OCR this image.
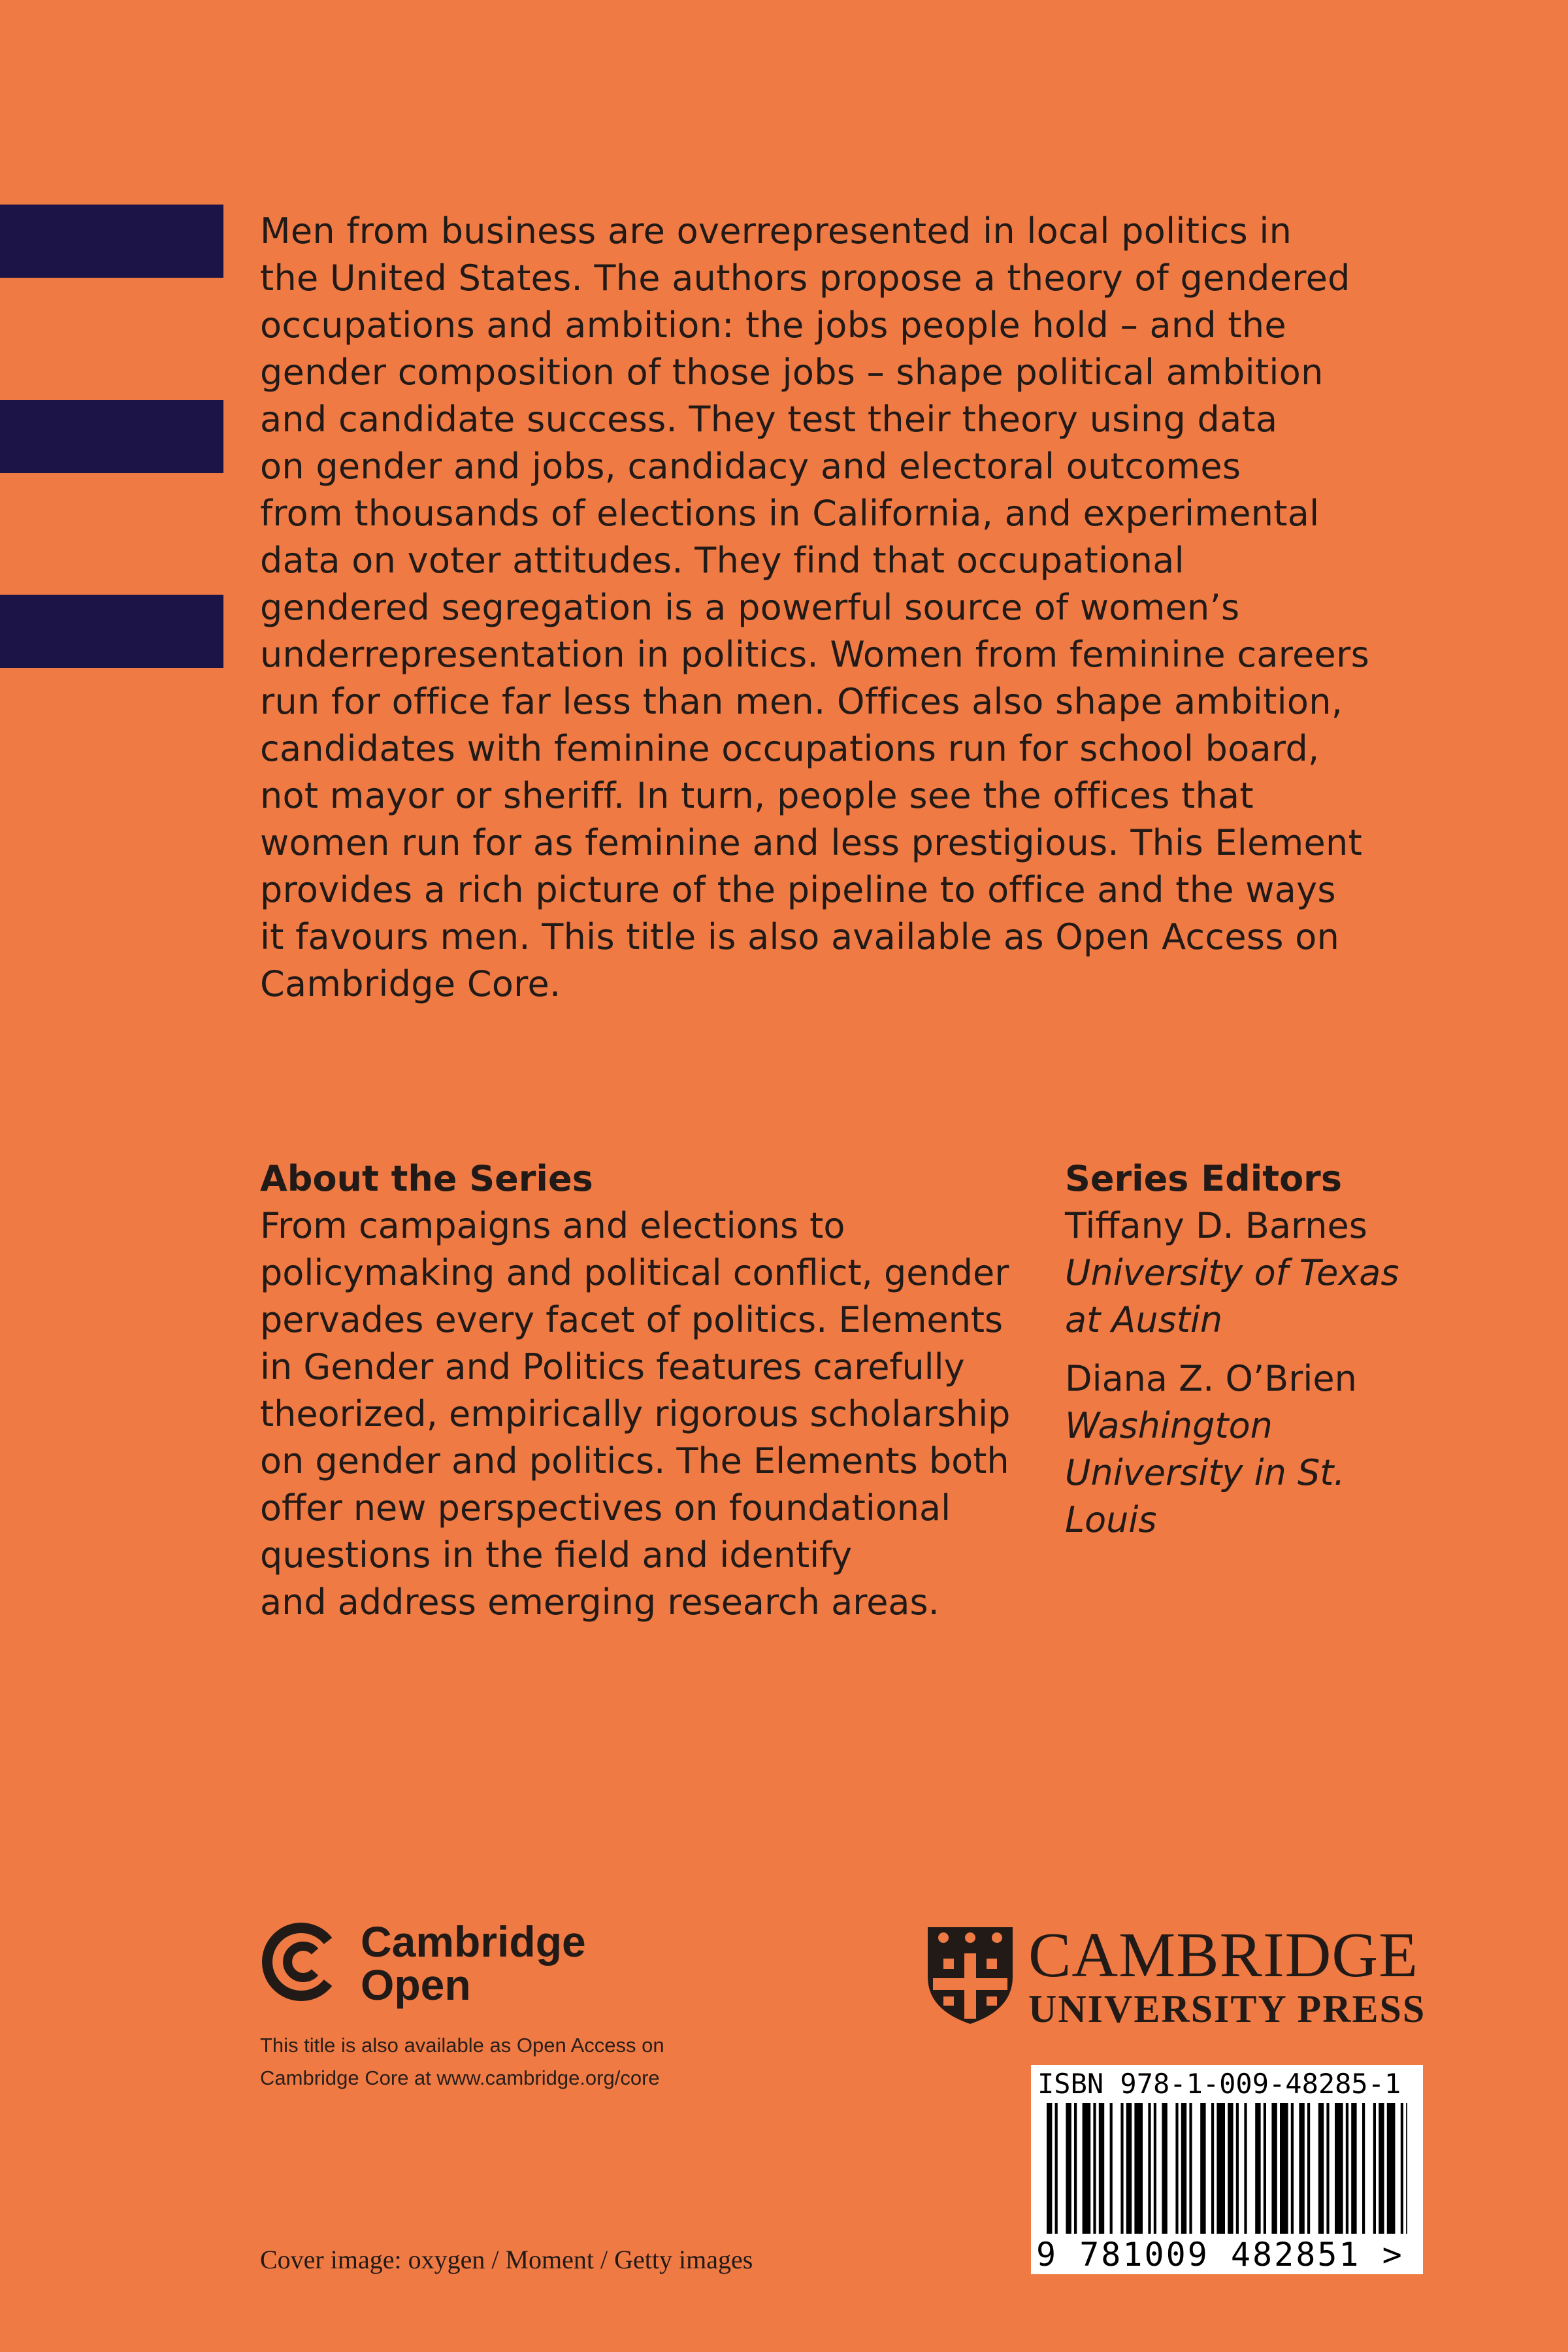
Men from business are overrepresented in local politics in
the United States. The authors propose a theory of gendered
occupations and ambition: the jobs people hold – and the
gender composition of those jobs – shape political ambition
and candidate success. They test their theory using data
on gender and jobs, candidacy and electoral outcomes
from thousands of elections in California, and experimental
data on voter attitudes. They find that occupational
gendered segregation is a powerful source of women’s
underrepresentation in politics. Women from feminine careers
run for office far less than men. Offices also shape ambition,
candidates with feminine occupations run for school board,
not mayor or sheriff. In turn, people see the offices that
women run for as feminine and less prestigious. This Element
provides a rich picture of the pipeline to office and the ways
it favours men. This title is also available as Open Access on
Cambridge Core.
About the Series
From campaigns and elections to
policymaking and political conflict, gender
pervades every facet of politics. Elements
in Gender and Politics features carefully
theorized, empirically rigorous scholarship
on gender and politics. The Elements both
offer new perspectives on foundational
questions in the field and identify
and address emerging research areas.
Series Editors
Tiffany D. Barnes
University of Texas
at Austin
Diana Z. O’Brien
Washington
University in St.
Louis
Cambridge
Open
This title is also available as Open Access on
Cambridge Core at www.cambridge.org/core
CAMBRIDGE
UNIVERSITY PRESS
ISBN 978-1-009-48285-1
9 781009 482851 >
Cover image: oxygen / Moment / Getty images
